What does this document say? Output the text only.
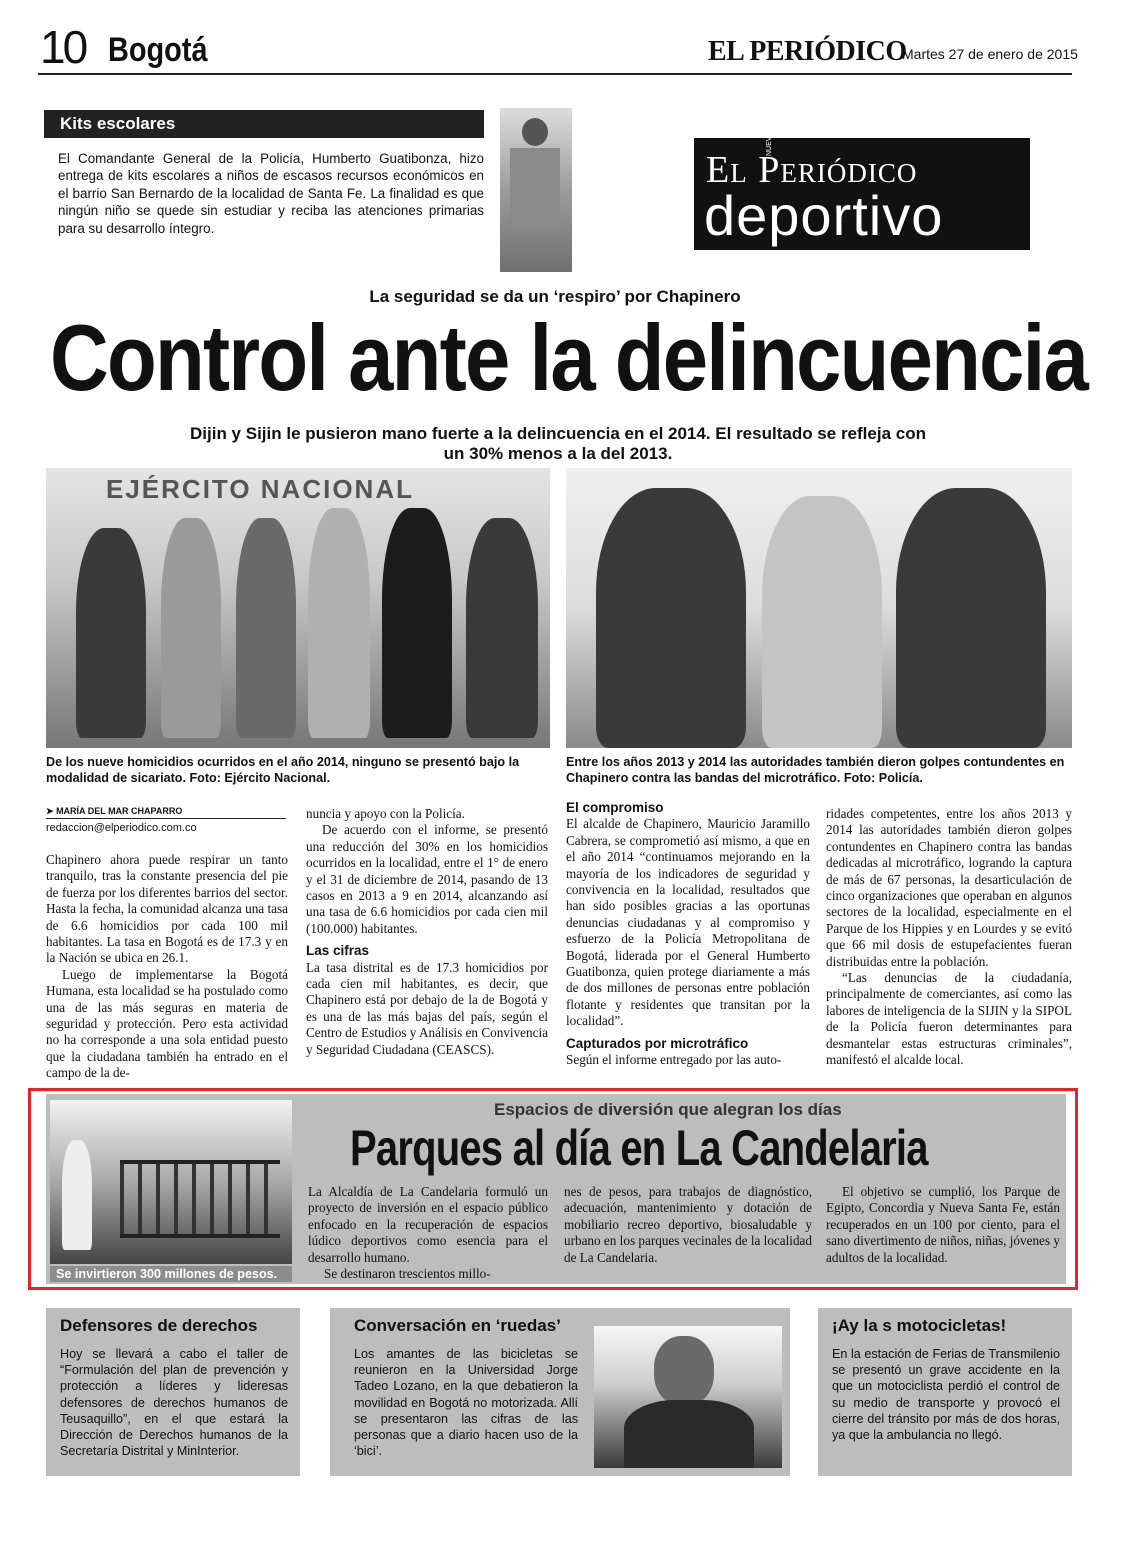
10 Bogotá	EL PERIÓDICO
Martes 27 de enero de 2015
Kits escolares
El Comandante General de la Policía, Humberto Guatibonza, hizo entrega de kits escolares a niños de escasos recursos económicos en el barrio San Bernardo de la localidad de Santa Fe. La finalidad es que ningún niño se quede sin estudiar y reciba las atenciones primarias para su desarrollo íntegro.
El Periódico
NUEVO
deportivo
La seguridad se da un ‘respiro’ por Chapinero
Control ante la delincuencia
Dijin y Sijin le pusieron mano fuerte a la delincuencia en el 2014. El resultado se refleja con
un 30% menos a la del 2013.
EJÉRCITO NACIONAL
De los nueve homicidios ocurridos en el año 2014, ninguno se presentó bajo la modalidad de sicariato. Foto: Ejército Nacional.
Entre los años 2013 y 2014 las autoridades también dieron golpes contundentes en Chapinero contra las bandas del microtráfico. Foto: Policía.
➤ MARÍA DEL MAR CHAPARRO
redaccion@elperiodico.com.co

Chapinero ahora puede respirar un tanto tranquilo, tras la constante presencia del pie de fuerza por los diferentes barrios del sector. Hasta la fecha, la comunidad alcanza una tasa de 6.6 homicidios por cada 100 mil habitantes. La tasa en Bogotá es de 17.3 y en la Nación se ubica en 26.1.

Luego de implementarse la Bogotá Humana, esta localidad se ha postulado como una de las más seguras en materia de seguridad y protección. Pero esta actividad no ha corresponde a una sola entidad puesto que la ciudadana también ha entrado en el campo de la de-

nuncia y apoyo con la Policía.

De acuerdo con el informe, se presentó una reducción del 30% en los homicidios ocurridos en la localidad, entre el 1° de enero y el 31 de diciembre de 2014, pasando de 13 casos en 2013 a 9 en 2014, alcanzando así una tasa de 6.6 homicidios por cada cien mil (100.000) habitantes.

Las cifras

La tasa distrital es de 17.3 homicidios por cada cien mil habitantes, es decir, que Chapinero está por debajo de la de Bogotá y es una de las más bajas del país, según el Centro de Estudios y Análisis en Convivencia y Seguridad Ciudadana (CEASCS).

El compromiso

El alcalde de Chapinero, Mauricio Jaramillo Cabrera, se comprometió así mismo, a que en el año 2014 “continuamos mejorando en la mayoría de los indicadores de seguridad y convivencia en la localidad, resultados que han sido posibles gracias a las oportunas denuncias ciudadanas y al compromiso y esfuerzo de la Policía Metropolitana de Bogotá, liderada por el General Humberto Guatibonza, quien protege diariamente a más de dos millones de personas entre población flotante y residentes que transitan por la localidad”.

Capturados por microtráfico

Según el informe entregado por las auto-

ridades competentes, entre los años 2013 y 2014 las autoridades también dieron golpes contundentes en Chapinero contra las bandas dedicadas al microtráfico, logrando la captura de más de 67 personas, la desarticulación de cinco organizaciones que operaban en algunos sectores de la localidad, especialmente en el Parque de los Hippies y en Lourdes y se evitó que 66 mil dosis de estupefacientes fueran distribuidas entre la población.

“Las denuncias de la ciudadanía, principalmente de comerciantes, así como las labores de inteligencia de la SIJIN y la SIPOL de la Policía fueron determinantes para desmantelar estas estructuras criminales”, manifestó el alcalde local.

Se invirtieron 300 millones de pesos.
Espacios de diversión que alegran los días
Parques al día en La Candelaria

La Alcaldía de La Candelaria formuló un proyecto de inversión en el espacio público enfocado en la recuperación de espacios lúdico deportivos como esencia para el desarrollo humano.

Se destinaron trescientos millo-

nes de pesos, para trabajos de diagnóstico, adecuación, mantenimiento y dotación de mobiliario recreo deportivo, biosaludable y urbano en los parques vecinales de la localidad de La Candelaria.

El objetivo se cumplió, los Parque de Egipto, Concordia y Nueva Santa Fe, están recuperados en un 100 por ciento, para el sano divertimento de niños, niñas, jóvenes y adultos de la localidad.

Defensores de derechos
Hoy se llevará a cabo el taller de “Formulación del plan de prevención y protección a líderes y lideresas defensores de derechos humanos de Teusaquillo”, en el que estará la Dirección de Derechos humanos de la Secretaría Distrital y MinInterior.
Conversación en ‘ruedas’
Los amantes de las bicicletas se reunieron en la Universidad Jorge Tadeo Lozano, en la que debatieron la movilidad en Bogotá no motorizada. Allí se presentaron las cifras de las personas que a diario hacen uso de la ‘bici’.
¡Ay la s motocicletas!
En la estación de Ferias de Transmilenio se presentó un grave accidente en la que un motociclista perdió el control de su medio de transporte y provocó el cierre del tránsito por más de dos horas, ya que la ambulancia no llegó.
